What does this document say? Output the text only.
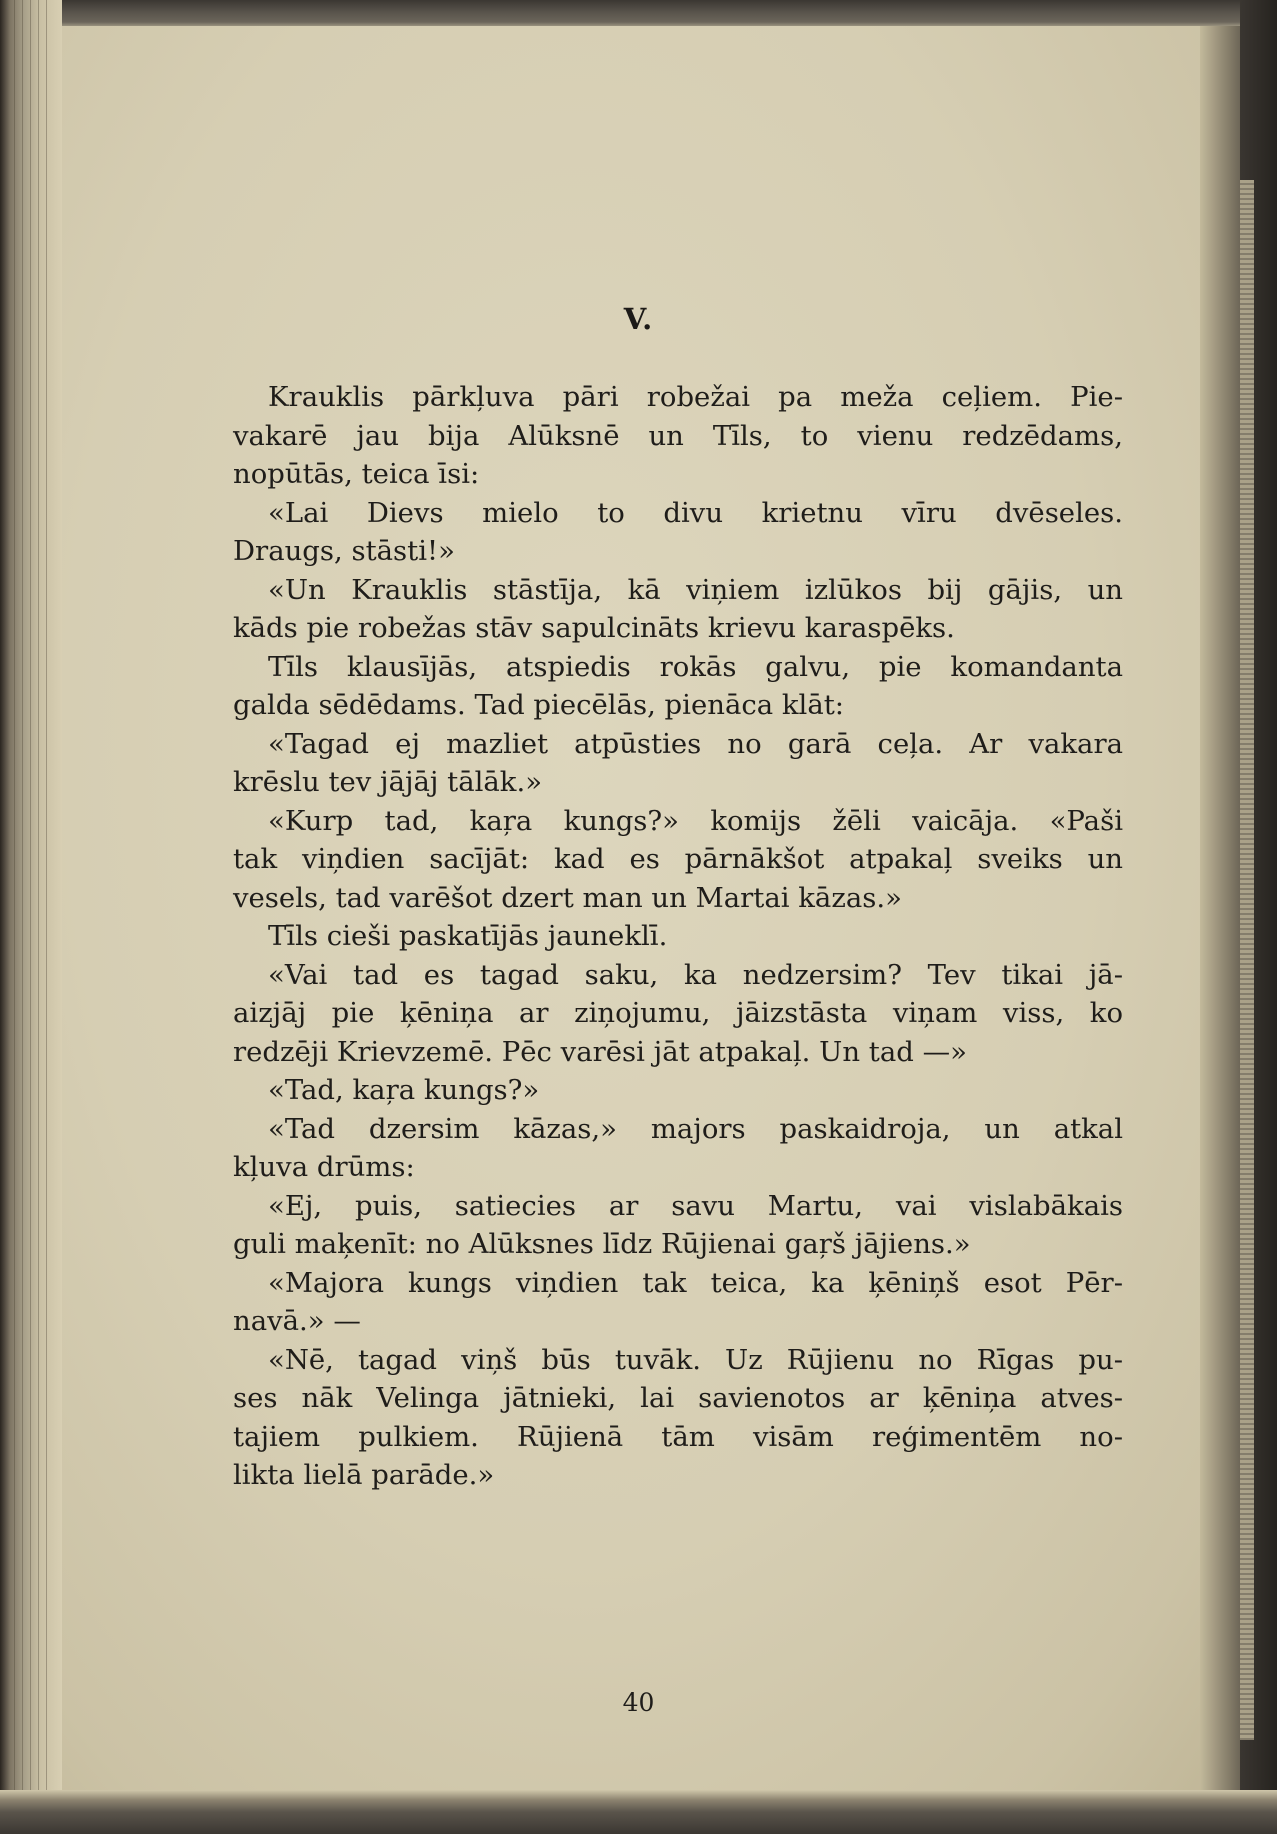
V.

Krauklis pārkļuva pāri robežai pa meža ceļiem. Pie-
vakarē jau bija Alūksnē un Tīls, to vienu redzēdams,
nopūtās, teica īsi:

«Lai Dievs mielo to divu krietnu vīru dvēseles.
Draugs, stāsti!»

«Un Krauklis stāstīja, kā viņiem izlūkos bij gājis, un
kāds pie robežas stāv sapulcināts krievu karaspēks.

Tīls klausījās, atspiedis rokās galvu, pie komandanta
galda sēdēdams. Tad piecēlās, pienāca klāt:

«Tagad ej mazliet atpūsties no garā ceļa. Ar vakara
krēslu tev jājāj tālāk.»

«Kurp tad, kaŗa kungs?» komijs žēli vaicāja. «Paši
tak viņdien sacījāt: kad es pārnākšot atpakaļ sveiks un
vesels, tad varēšot dzert man un Martai kāzas.»

Tīls cieši paskatījās jauneklī.

«Vai tad es tagad saku, ka nedzersim? Tev tikai jā-
aizjāj pie ķēniņa ar ziņojumu, jāizstāsta viņam viss, ko
redzēji Krievzemē. Pēc varēsi jāt atpakaļ. Un tad —»

«Tad, kaŗa kungs?»

«Tad dzersim kāzas,» majors paskaidroja, un atkal
kļuva drūms:

«Ej, puis, satiecies ar savu Martu, vai vislabākais
guli maķenīt: no Alūksnes līdz Rūjienai gaŗš jājiens.»

«Majora kungs viņdien tak teica, ka ķēniņš esot Pēr-
navā.» —

«Nē, tagad viņš būs tuvāk. Uz Rūjienu no Rīgas pu-
ses nāk Velinga jātnieki, lai savienotos ar ķēniņa atves-
tajiem pulkiem. Rūjienā tām visām reģimentēm no-
likta lielā parāde.»

40
